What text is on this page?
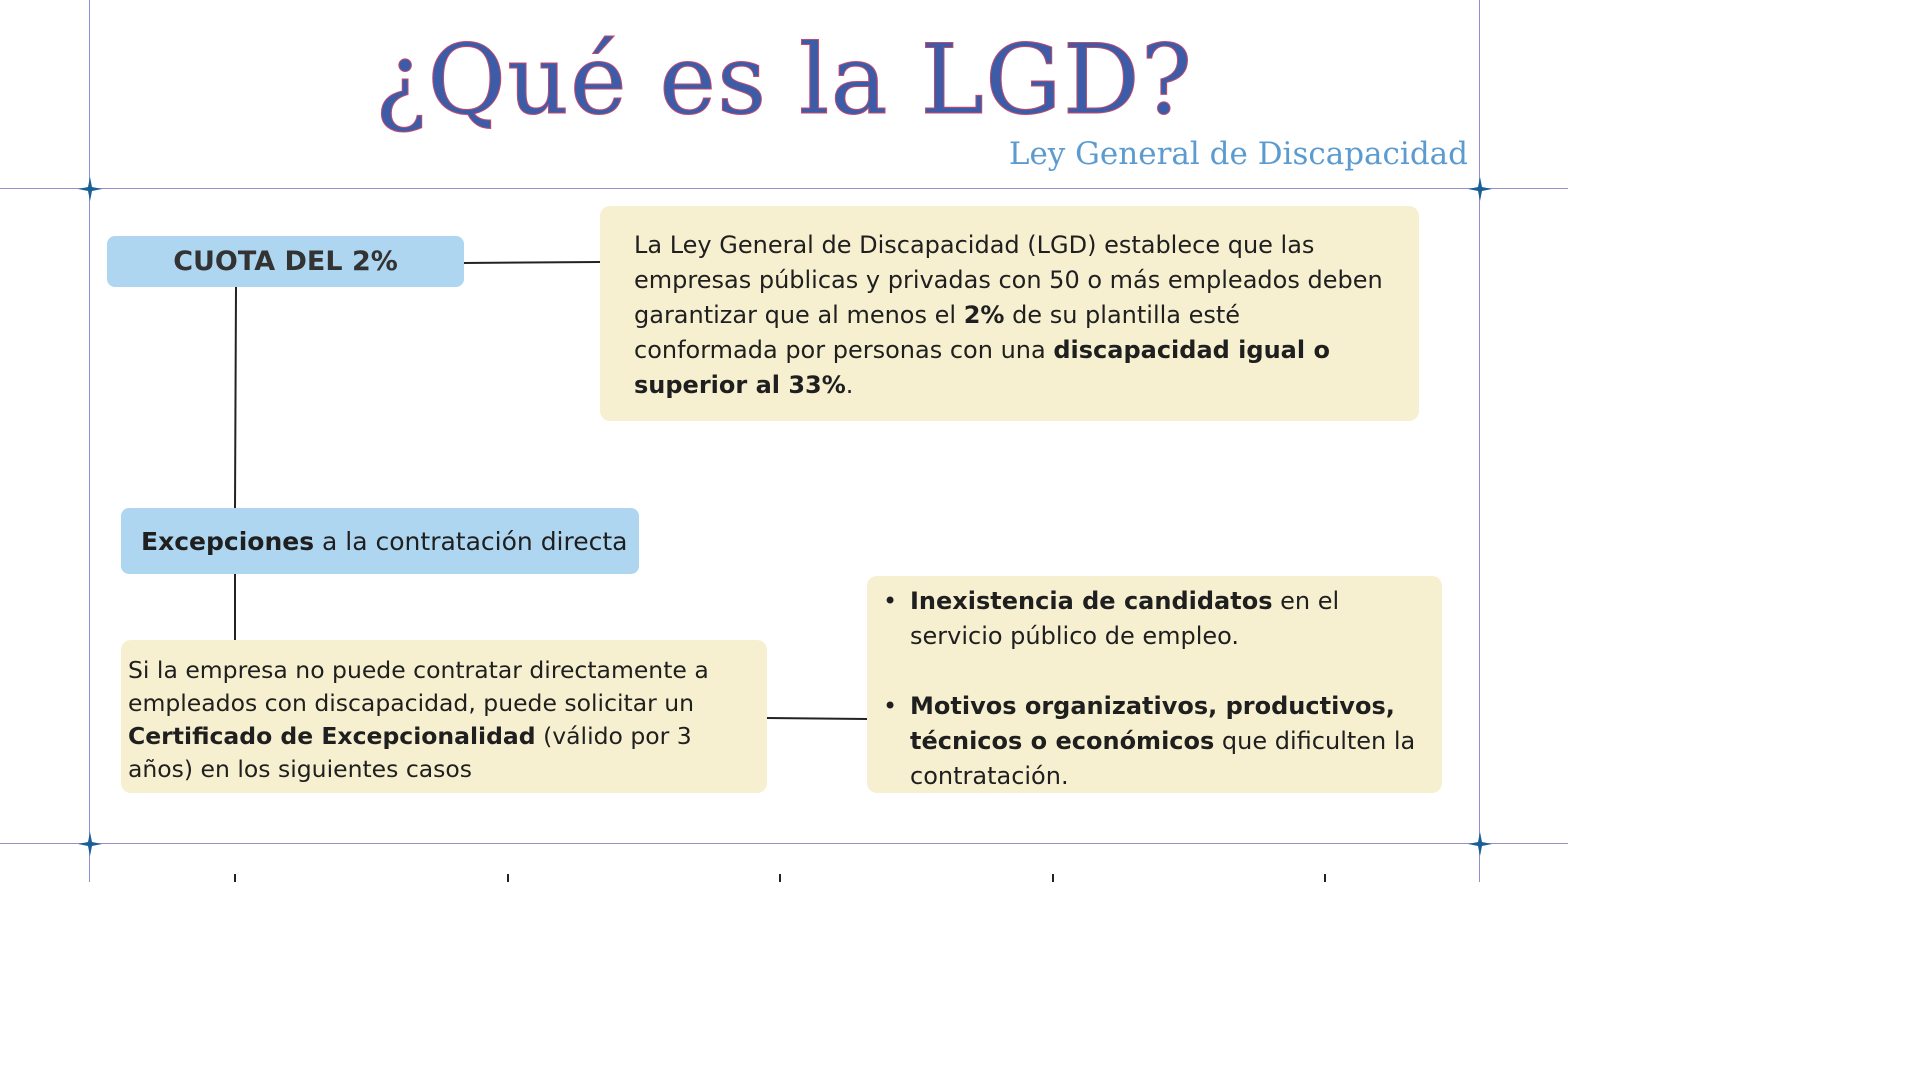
¿Qué es la LGD?
Ley General de Discapacidad
CUOTA DEL 2%
La Ley General de Discapacidad (LGD) establece que las empresas públicas y privadas con 50 o más empleados deben garantizar que al menos el 2% de su plantilla esté conformada por personas con una discapacidad igual o superior al 33%.
Excepciones a la contratación directa
Si la empresa no puede contratar directamente a empleados con discapacidad, puede solicitar un Certificado de Excepcionalidad (válido por 3 años) en los siguientes casos
• Inexistencia de candidatos en el servicio público de empleo.
• Motivos organizativos, productivos, técnicos o económicos que dificulten la contratación.
